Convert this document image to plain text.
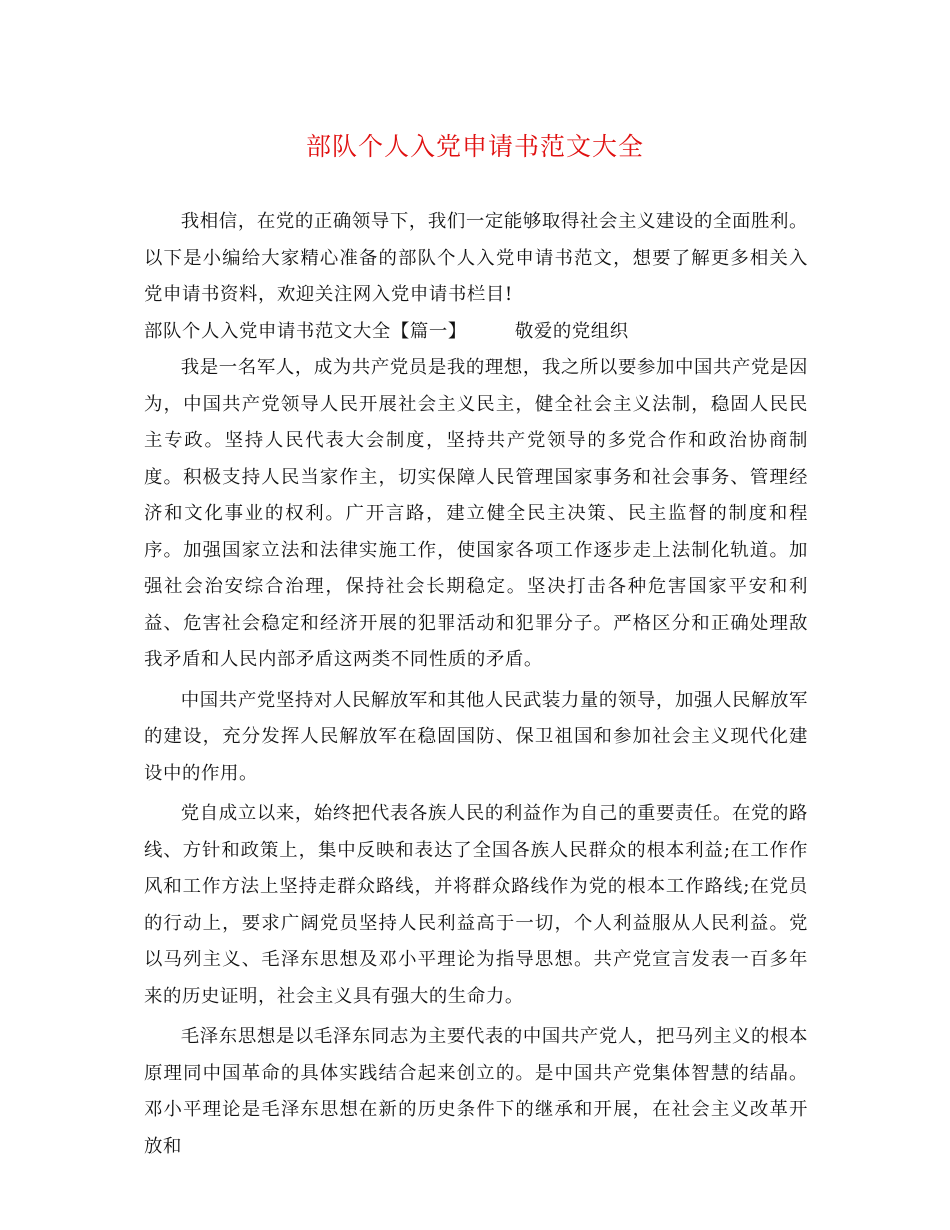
部队个人入党申请书范文大全

我相信，在党的正确领导下，我们一定能够取得社会主义建设的全面胜利。以下是小编给大家精心准备的部队个人入党申请书范文，想要了解更多相关入党申请书资料，欢迎关注网入党申请书栏目!

部队个人入党申请书范文大全【篇一】	敬爱的党组织

我是一名军人，成为共产党员是我的理想，我之所以要参加中国共产党是因为，中国共产党领导人民开展社会主义民主，健全社会主义法制，稳固人民民主专政。坚持人民代表大会制度，坚持共产党领导的多党合作和政治协商制度。积极支持人民当家作主，切实保障人民管理国家事务和社会事务、管理经济和文化事业的权利。广开言路，建立健全民主决策、民主监督的制度和程序。加强国家立法和法律实施工作，使国家各项工作逐步走上法制化轨道。加强社会治安综合治理，保持社会长期稳定。坚决打击各种危害国家平安和利益、危害社会稳定和经济开展的犯罪活动和犯罪分子。严格区分和正确处理敌我矛盾和人民内部矛盾这两类不同性质的矛盾。

中国共产党坚持对人民解放军和其他人民武装力量的领导，加强人民解放军的建设，充分发挥人民解放军在稳固国防、保卫祖国和参加社会主义现代化建设中的作用。

党自成立以来，始终把代表各族人民的利益作为自己的重要责任。在党的路线、方针和政策上，集中反映和表达了全国各族人民群众的根本利益;在工作作风和工作方法上坚持走群众路线，并将群众路线作为党的根本工作路线;在党员的行动上，要求广阔党员坚持人民利益高于一切，个人利益服从人民利益。党以马列主义、毛泽东思想及邓小平理论为指导思想。共产党宣言发表一百多年来的历史证明，社会主义具有强大的生命力。

毛泽东思想是以毛泽东同志为主要代表的中国共产党人，把马列主义的根本原理同中国革命的具体实践结合起来创立的。是中国共产党集体智慧的结晶。邓小平理论是毛泽东思想在新的历史条件下的继承和开展，在社会主义改革开放和
